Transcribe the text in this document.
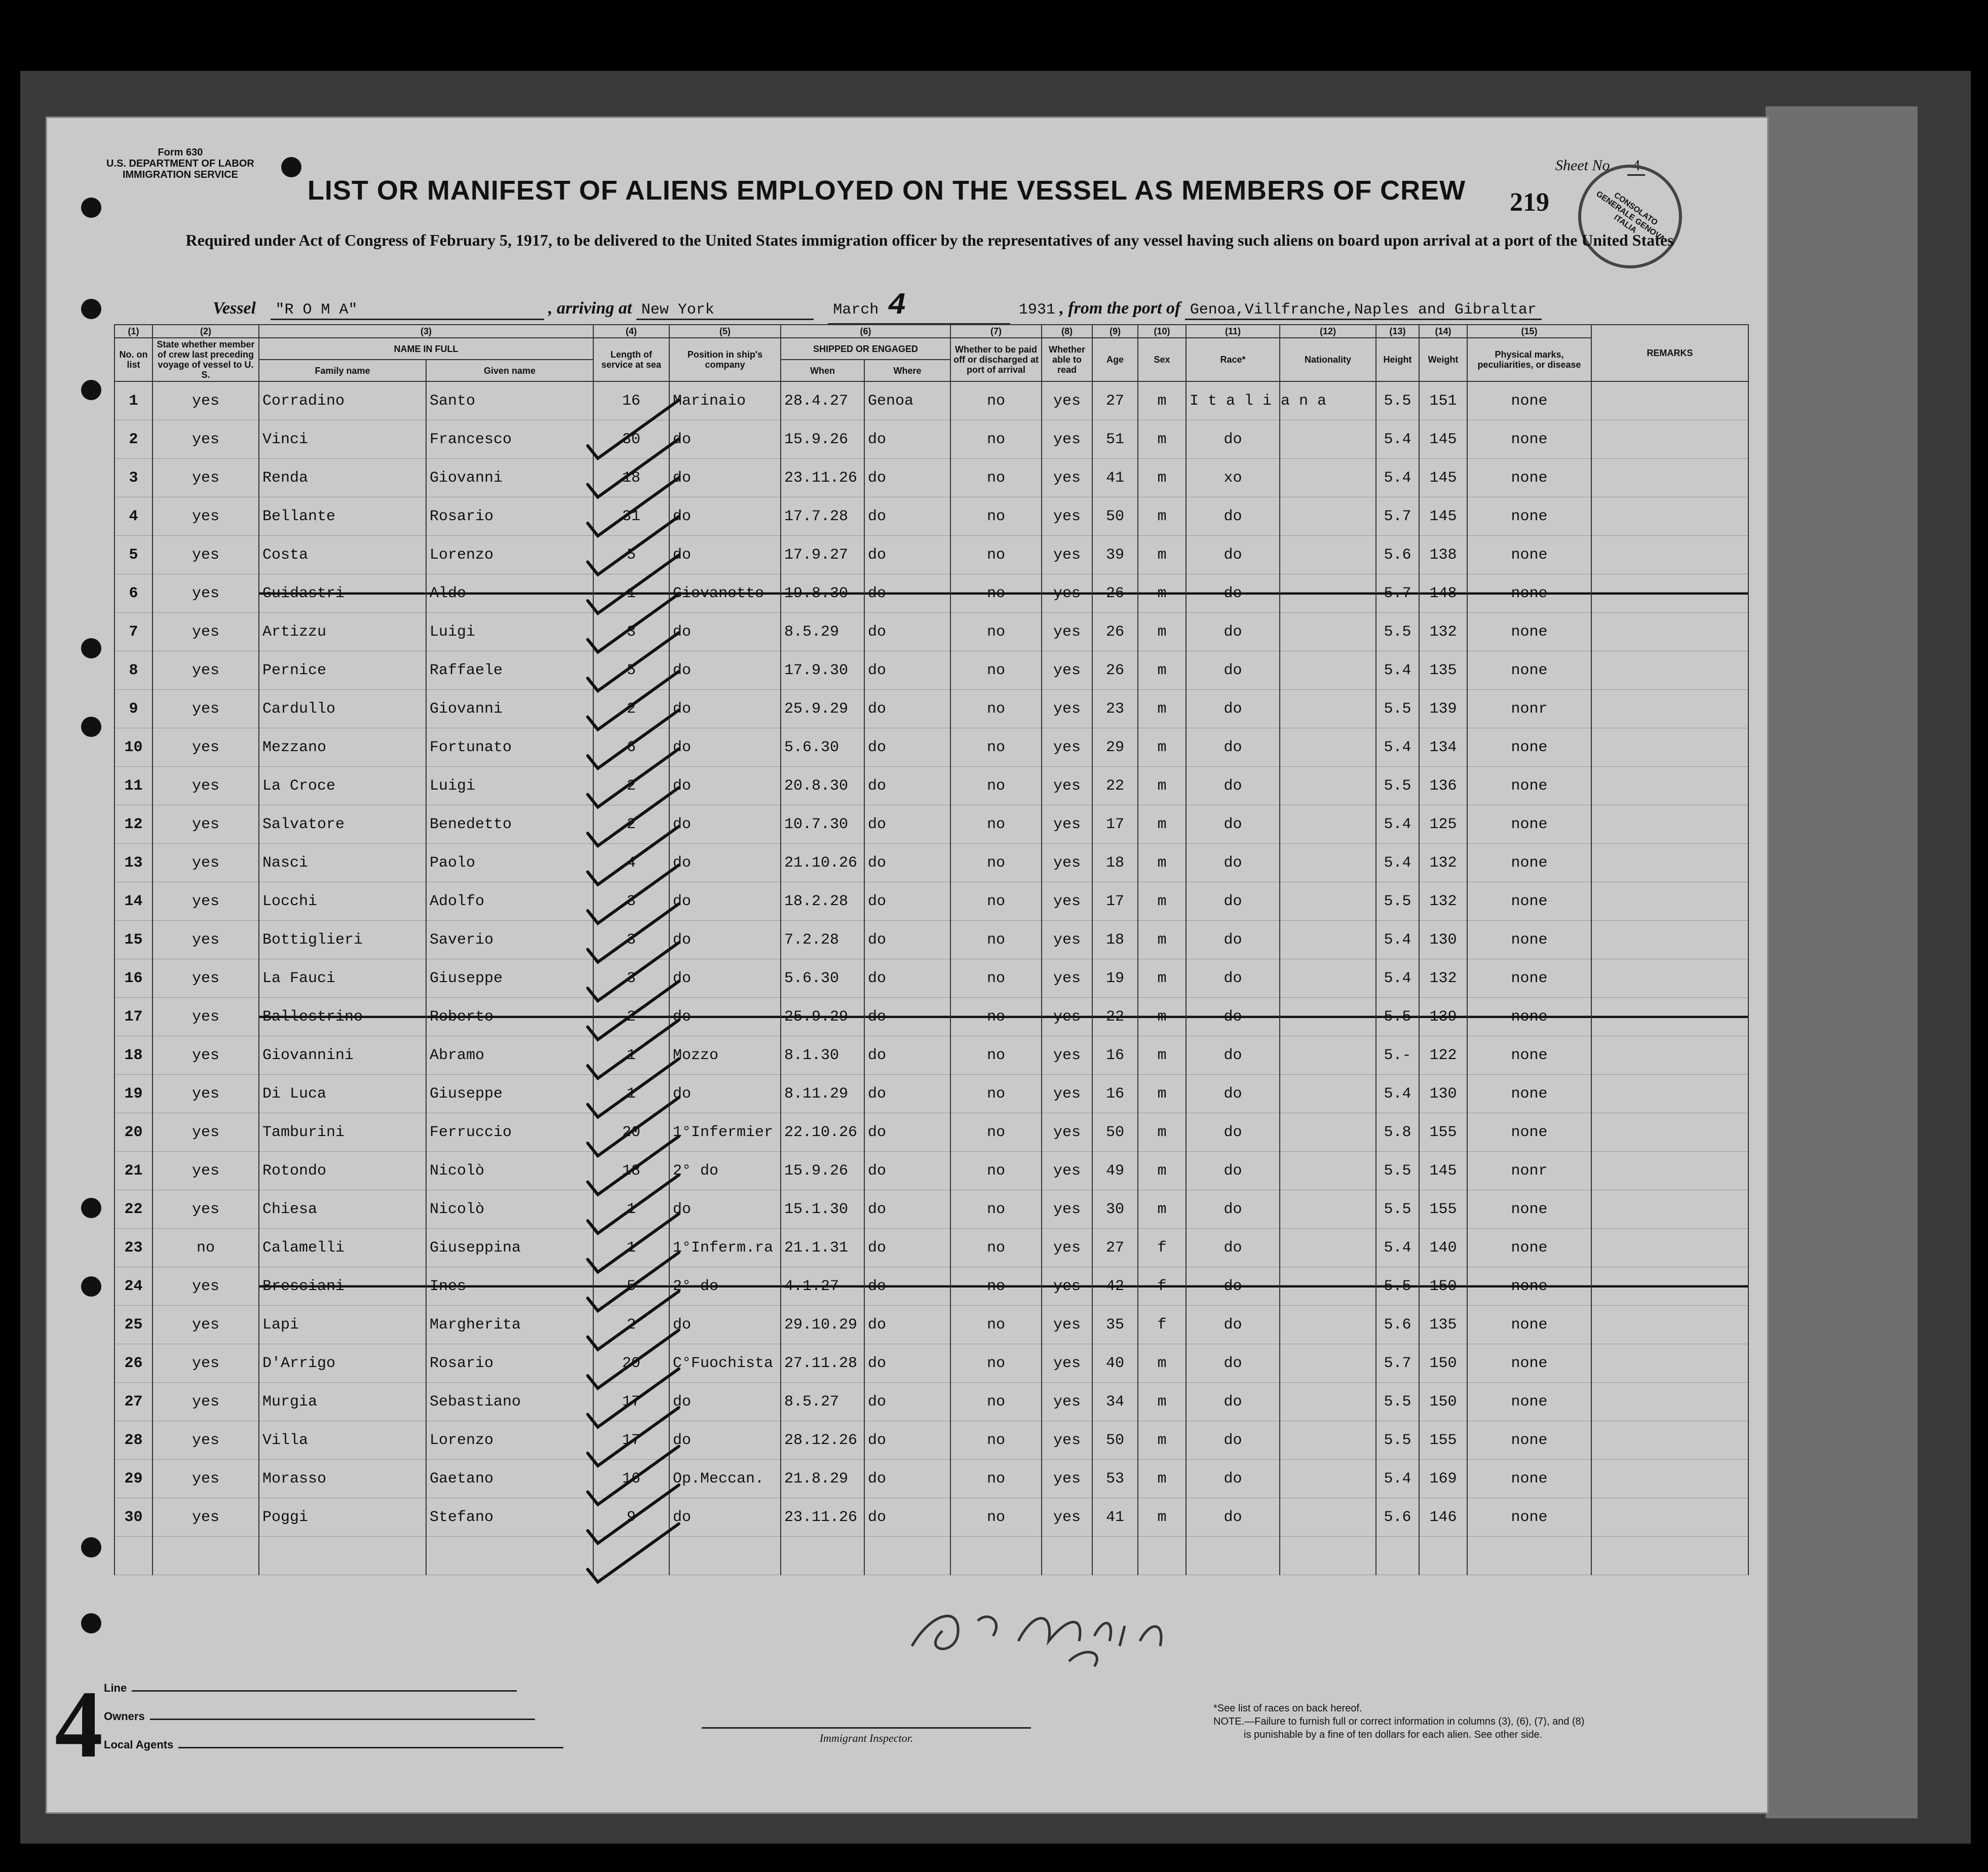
Form 630
U.S. DEPARTMENT OF LABOR
IMMIGRATION SERVICE
Sheet No. 4
LIST OR MANIFEST OF ALIENS EMPLOYED ON THE VESSEL AS MEMBERS OF CREW	219	CONSOLATO GENERALE GENOVA ITALIA
Required under Act of Congress of February 5, 1917, to be delivered to the United States immigration officer by the representatives of any vessel having such aliens on board upon arrival at a port of the United States
Vessel "R O M A"	, arriving at New York	March 4	1931 , from the port of Genoa,Villfranche,Naples and Gibraltar
(1)	(2)	(3)		(4)	(5)	(6)		(7)	(8)	(9)	(10)	(11)	(12)	(13)	(14)	(15)	REMARKS
No. on list	State whether member of crew last preceding voyage of vessel to U. S.	NAME IN FULL		Length of service at sea	Position in ship's company	SHIPPED OR ENGAGED		Whether to be paid off or discharged at port of arrival	Whether able to read	Age	Sex	Race*	Nationality	Height	Weight	Physical marks, peculiarities, or disease	
		Family name	Given name			When	Where										
1	yes	Corradino	Santo	16	Marinaio	28.4.27	Genoa	no	yes	27	m	I t a l i a n a		5.5	151	none	
2	yes	Vinci	Francesco	30	do	15.9.26	do	no	yes	51	m	do		5.4	145	none	
3	yes	Renda	Giovanni	18	do	23.11.26	do	no	yes	41	m	xo		5.4	145	none	
4	yes	Bellante	Rosario	31	do	17.7.28	do	no	yes	50	m	do		5.7	145	none	
5	yes	Costa	Lorenzo	5	do	17.9.27	do	no	yes	39	m	do		5.6	138	none	
6	yes	Guidastri	Aldo	1	Giovanotto	19.8.30	do	no	yes	26	m	do		5.7	148	none	
7	yes	Artizzu	Luigi	3	do	8.5.29	do	no	yes	26	m	do		5.5	132	none	
8	yes	Pernice	Raffaele	5	do	17.9.30	do	no	yes	26	m	do		5.4	135	none	
9	yes	Cardullo	Giovanni	2	do	25.9.29	do	no	yes	23	m	do		5.5	139	nonr	
10	yes	Mezzano	Fortunato	6	do	5.6.30	do	no	yes	29	m	do		5.4	134	none	
11	yes	La Croce	Luigi	2	do	20.8.30	do	no	yes	22	m	do		5.5	136	none	
12	yes	Salvatore	Benedetto	2	do	10.7.30	do	no	yes	17	m	do		5.4	125	none	
13	yes	Nasci	Paolo	4	do	21.10.26	do	no	yes	18	m	do		5.4	132	none	
14	yes	Locchi	Adolfo	3	do	18.2.28	do	no	yes	17	m	do		5.5	132	none	
15	yes	Bottiglieri	Saverio	3	do	7.2.28	do	no	yes	18	m	do		5.4	130	none	
16	yes	La Fauci	Giuseppe	3	do	5.6.30	do	no	yes	19	m	do		5.4	132	none	
17	yes	Ballestrino	Roberto	2	do	25.9.29	do	no	yes	22	m	do		5.5	139	none	
18	yes	Giovannini	Abramo	1	Mozzo	8.1.30	do	no	yes	16	m	do		5.-	122	none	
19	yes	Di Luca	Giuseppe	1	do	8.11.29	do	no	yes	16	m	do		5.4	130	none	
20	yes	Tamburini	Ferruccio	20	1°Infermier	22.10.26	do	no	yes	50	m	do		5.8	155	none	
21	yes	Rotondo	Nicolò	18	2° do	15.9.26	do	no	yes	49	m	do		5.5	145	nonr	
22	yes	Chiesa	Nicolò	1	do	15.1.30	do	no	yes	30	m	do		5.5	155	none	
23	no	Calamelli	Giuseppina	1	1°Inferm.ra	21.1.31	do	no	yes	27	f	do		5.4	140	none	
24	yes	Bresciani	Ines	5	2° do	4.1.27	do	no	yes	42	f	do		5.5	150	none	
25	yes	Lapi	Margherita	2	do	29.10.29	do	no	yes	35	f	do		5.6	135	none	
26	yes	D'Arrigo	Rosario	20	C°Fuochista	27.11.28	do	no	yes	40	m	do		5.7	150	none	
27	yes	Murgia	Sebastiano	17	do	8.5.27	do	no	yes	34	m	do		5.5	150	none	
28	yes	Villa	Lorenzo	17	do	28.12.26	do	no	yes	50	m	do		5.5	155	none	
29	yes	Morasso	Gaetano	16	Op.Meccan.	21.8.29	do	no	yes	53	m	do		5.4	169	none	
30	yes	Poggi	Stefano	9	do	23.11.26	do	no	yes	41	m	do		5.6	146	none	

4 Line
Owners
Local Agents
Immigrant Inspector.
*See list of races on back hereof.
NOTE.—Failure to furnish full or correct information in columns (3), (6), (7), and (8)
is punishable by a fine of ten dollars for each alien. See other side.
